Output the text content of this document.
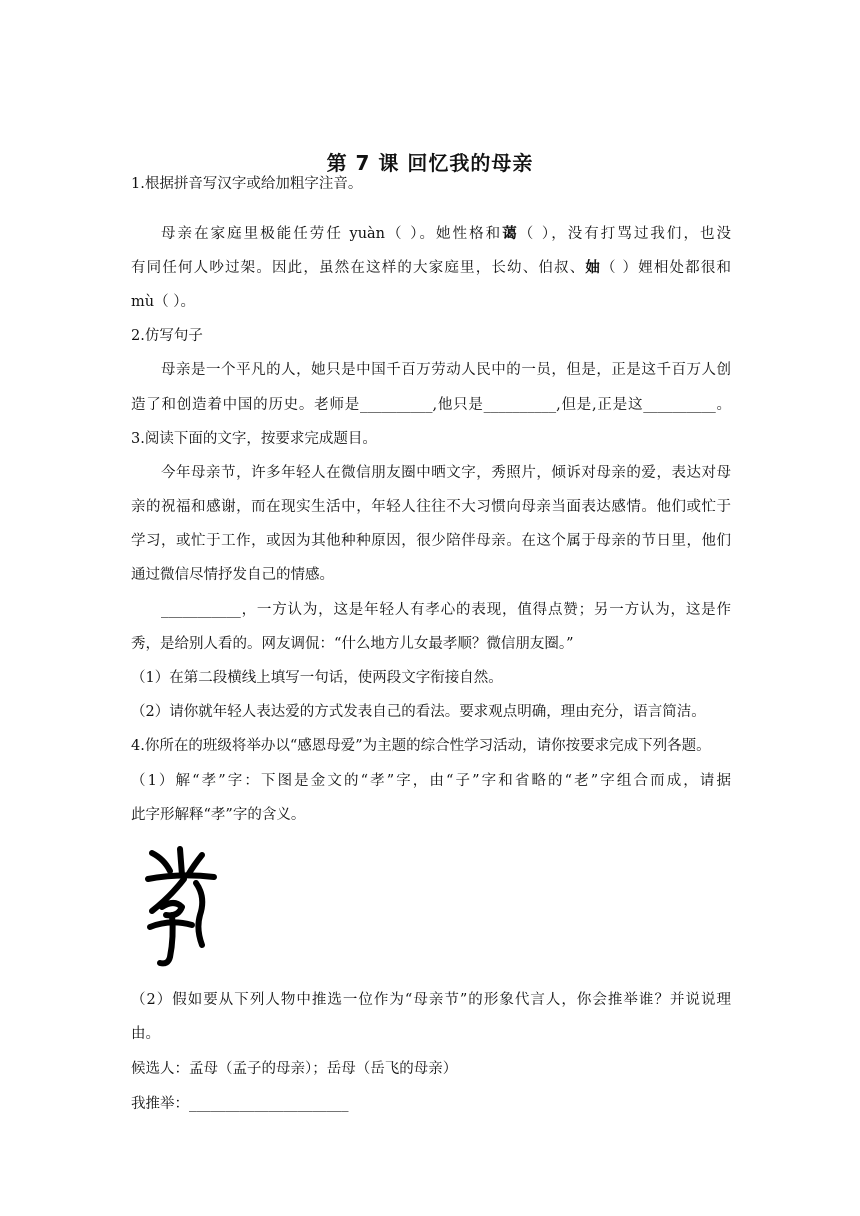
第 7 课 回忆我的母亲
1.根据拼音写汉字或给加粗字注音。
母亲在家庭里极能任劳任 yuàn（ ）。她性格和蔼（ ），没有打骂过我们，也没
有同任何人吵过架。因此，虽然在这样的大家庭里，长幼、伯叔、妯（ ）娌相处都很和
mù（ ）。
2.仿写句子
母亲是一个平凡的人，她只是中国千百万劳动人民中的一员，但是，正是这千百万人创
造了和创造着中国的历史。老师是__________,他只是__________,但是,正是这__________。
3.阅读下面的文字，按要求完成题目。
今年母亲节，许多年轻人在微信朋友圈中晒文字，秀照片，倾诉对母亲的爱，表达对母
亲的祝福和感谢，而在现实生活中，年轻人往往不大习惯向母亲当面表达感情。他们或忙于
学习，或忙于工作，或因为其他种种原因，很少陪伴母亲。在这个属于母亲的节日里，他们
通过微信尽情抒发自己的情感。
___________，一方认为，这是年轻人有孝心的表现，值得点赞；另一方认为，这是作
秀，是给别人看的。网友调侃：“什么地方儿女最孝顺？微信朋友圈。”
（1）在第二段横线上填写一句话，使两段文字衔接自然。
（2）请你就年轻人表达爱的方式发表自己的看法。要求观点明确，理由充分，语言简洁。
4.你所在的班级将举办以“感恩母爱”为主题的综合性学习活动，请你按要求完成下列各题。
（1）解“孝”字：下图是金文的“孝”字，由“子”字和省略的“老”字组合而成，请据
此字形解释“孝”字的含义。
（2）假如要从下列人物中推选一位作为“母亲节”的形象代言人，你会推举谁？并说说理
由。
候选人：孟母（孟子的母亲）；岳母（岳飞的母亲）
我推举：______________________
